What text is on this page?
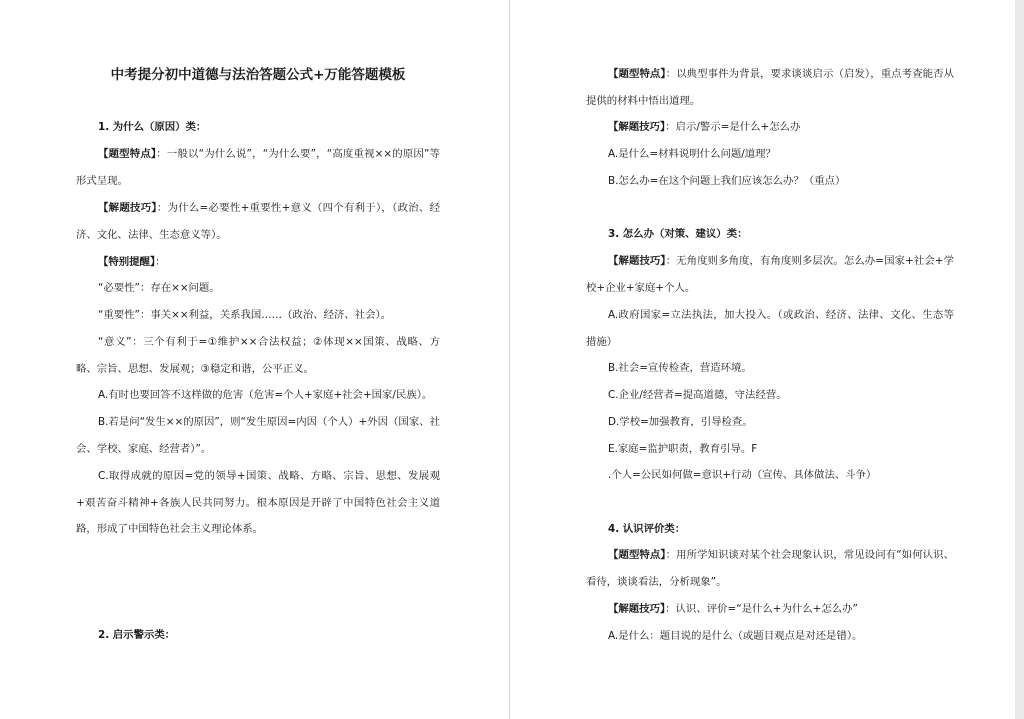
中考提分初中道德与法治答题公式+万能答题模板
1. 为什么（原因）类：

【题型特点】：一般以“为什么说”，“为什么要”，“高度重视××的原因”等形式呈现。

【解题技巧】：为什么=必要性+重要性+意义（四个有利于），（政治、经济、文化、法律、生态意义等）。

【特别提醒】：

“必要性”：存在××问题。

“重要性”：事关××利益，关系我国……（政治、经济、社会）。

“意义”：三个有利于=①维护××合法权益；②体现××国策、战略、方略、宗旨、思想、发展观；③稳定和谐，公平正义。

A.有时也要回答不这样做的危害（危害=个人+家庭+社会+国家/民族）。

B.若是问“发生××的原因”，则“发生原因=内因（个人）+外因（国家、社会、学校、家庭、经营者）”。

C.取得成就的原因=党的领导+国策、战略、方略、宗旨、思想、发展观+艰苦奋斗精神+各族人民共同努力。根本原因是开辟了中国特色社会主义道路，形成了中国特色社会主义理论体系。

2. 启示警示类：

【题型特点】：以典型事件为背景，要求谈谈启示（启发），重点考查能否从提供的材料中悟出道理。

【解题技巧】：启示/警示=是什么+怎么办

A.是什么=材料说明什么问题/道理？

B.怎么办=在这个问题上我们应该怎么办？（重点）

3. 怎么办（对策、建议）类：

【解题技巧】：无角度则多角度，有角度则多层次。怎么办=国家+社会+学校+企业+家庭+个人。

A.政府国家=立法执法，加大投入。（或政治、经济、法律、文化、生态等措施）

B.社会=宣传检查，营造环境。

C.企业/经营者=提高道德，守法经营。

D.学校=加强教育，引导检查。

E.家庭=监护职责，教育引导。F

.个人=公民如何做=意识+行动（宣传、具体做法、斗争）

4. 认识评价类：

【题型特点】：用所学知识谈对某个社会现象认识，常见设问有“如何认识、看待，谈谈看法，分析现象”。

【解题技巧】：认识、评价=“是什么+为什么+怎么办”

A.是什么：题目说的是什么（或题目观点是对还是错）。
